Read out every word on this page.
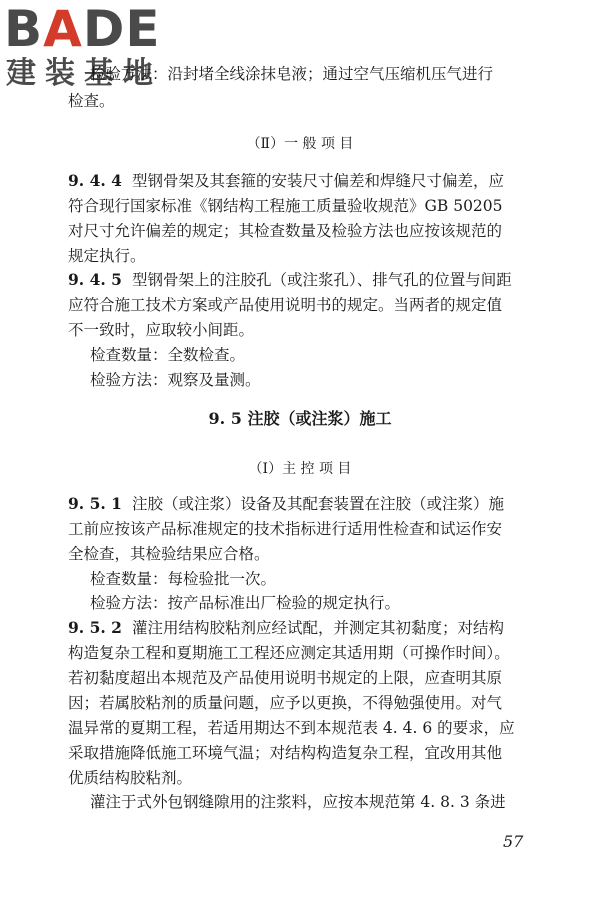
BADE
建装基地
检验方法：沿封堵全线涂抹皂液；通过空气压缩机压气进行
检查。
（Ⅱ）一 般 项 目
9. 4. 4 型钢骨架及其套箍的安装尺寸偏差和焊缝尺寸偏差，应
符合现行国家标准《钢结构工程施工质量验收规范》GB 50205
对尺寸允许偏差的规定；其检查数量及检验方法也应按该规范的
规定执行。
9. 4. 5 型钢骨架上的注胶孔（或注浆孔）、排气孔的位置与间距
应符合施工技术方案或产品使用说明书的规定。当两者的规定值
不一致时，应取较小间距。
检查数量：全数检查。
检验方法：观察及量测。
9. 5 注胶（或注浆）施工
（Ⅰ）主 控 项 目
9. 5. 1 注胶（或注浆）设备及其配套装置在注胶（或注浆）施
工前应按该产品标准规定的技术指标进行适用性检查和试运作安
全检查，其检验结果应合格。
检查数量：每检验批一次。
检验方法：按产品标准出厂检验的规定执行。
9. 5. 2 灌注用结构胶粘剂应经试配，并测定其初黏度；对结构
构造复杂工程和夏期施工工程还应测定其适用期（可操作时间）。
若初黏度超出本规范及产品使用说明书规定的上限，应查明其原
因；若属胶粘剂的质量问题，应予以更换，不得勉强使用。对气
温异常的夏期工程，若适用期达不到本规范表 4. 4. 6 的要求，应
采取措施降低施工环境气温；对结构构造复杂工程，宜改用其他
优质结构胶粘剂。
灌注于式外包钢缝隙用的注浆料，应按本规范第 4. 8. 3 条进
57
